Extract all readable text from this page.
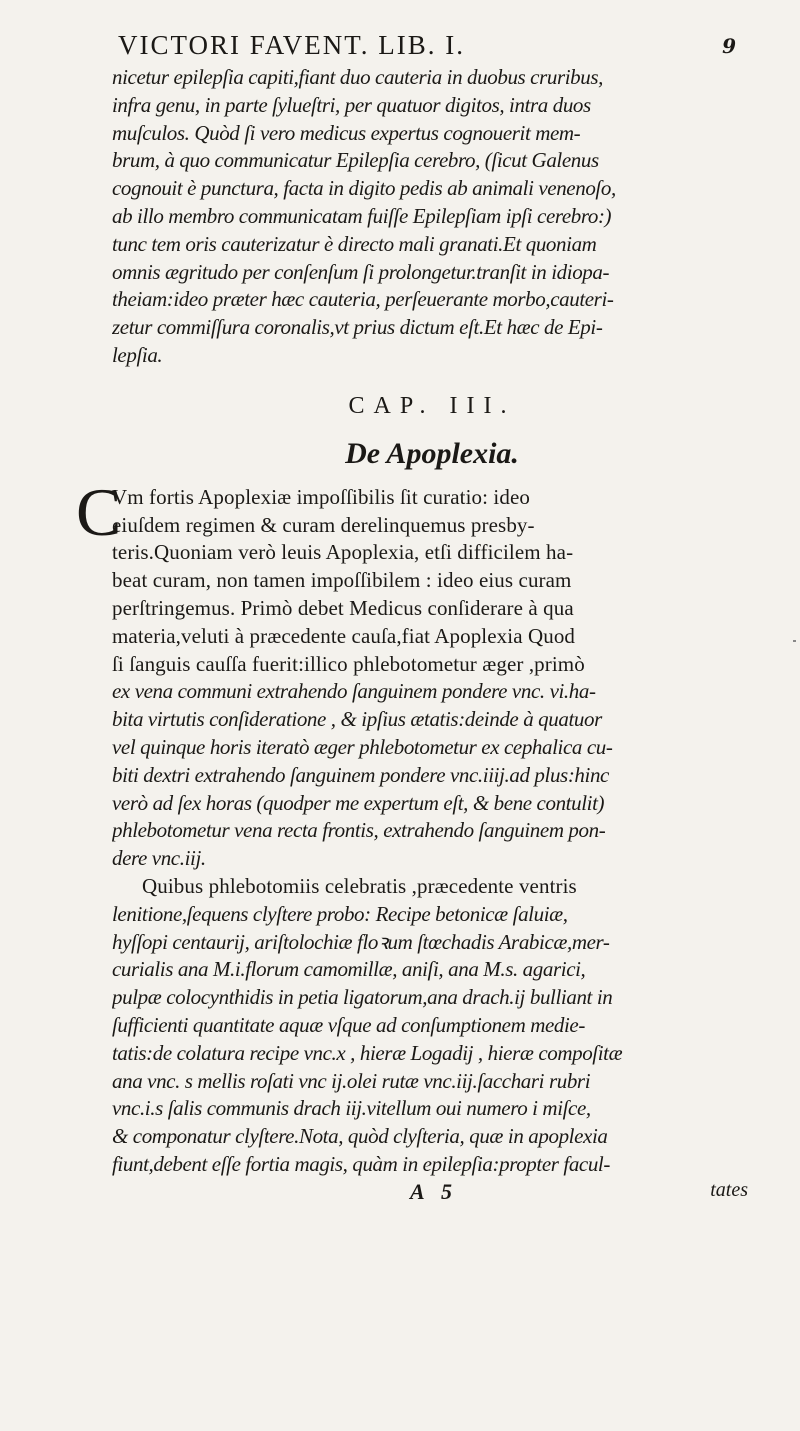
VICTORI FAVENT. LIB. I.	9
nicetur epilepſia capiti,fiant duo cauteria in duobus cruribus,
infra genu, in parte ſylueſtri, per quatuor digitos, intra duos
muſculos. Quòd ſi vero medicus expertus cognouerit mem-
brum, à quo communicatur Epilepſia cerebro, (ſicut Galenus
cognouit è punctura, facta in digito pedis ab animali venenoſo,
ab illo membro communicatam fuiſſe Epilepſiam ipſi cerebro:)
tunc tem oris cauterizatur è directo mali granati.Et quoniam
omnis ægritudo per conſenſum ſi prolongetur.tranſit in idiopa-
theiam:ideo præter hæc cauteria, perſeuerante morbo,cauteri-
zetur commiſſura coronalis,vt prius dictum eſt.Et hæc de Epi-
lepſia.
CAP. III.
De Apoplexia.
C
Vm fortis Apoplexiæ impoſſibilis ſit curatio: ideo
eiuſdem regimen & curam derelinquemus presby-
teris.Quoniam verò leuis Apoplexia, etſi difficilem ha-
beat curam, non tamen impoſſibilem : ideo eius curam
perſtringemus. Primò debet Medicus conſiderare à qua
materia,veluti à præcedente cauſa,fiat Apoplexia Quod
ſi ſanguis cauſſa fuerit:illico phlebotometur æger ,primò
ex vena communi extrahendo ſanguinem pondere vnc. vi.ha-
bita virtutis conſideratione , & ipſius ætatis:deinde à quatuor
vel quinque horis iteratò æger phlebotometur ex cephalica cu-
biti dextri extrahendo ſanguinem pondere vnc.iiij.ad plus:hinc
verò ad ſex horas (quodper me expertum eſt, & bene contulit)
phlebotometur vena recta frontis, extrahendo ſanguinem pon-
dere vnc.iij.
Quibus phlebotomiis celebratis ,præcedente ventris
lenitione,ſequens clyſtere probo: Recipe betonicæ ſaluiæ,
hyſſopi centaurij, ariſtolochiæ floꝛum ſtœchadis Arabicæ,mer-
curialis ana M.i.florum camomillæ, aniſi, ana M.s. agarici,
pulpæ colocynthidis in petia ligatorum,ana drach.ij bulliant in
ſufficienti quantitate aquæ vſque ad conſumptionem medie-
tatis:de colatura recipe vnc.x , hieræ Logadij , hieræ compoſitæ
ana vnc. s mellis roſati vnc ij.olei rutæ vnc.iij.ſacchari rubri
vnc.i.s ſalis communis drach iij.vitellum oui numero i miſce,
& componatur clyſtere.Nota, quòd clyſteria, quæ in apoplexia
fiunt,debent eſſe fortia magis, quàm in epilepſia:propter facul-
A 5	tates
